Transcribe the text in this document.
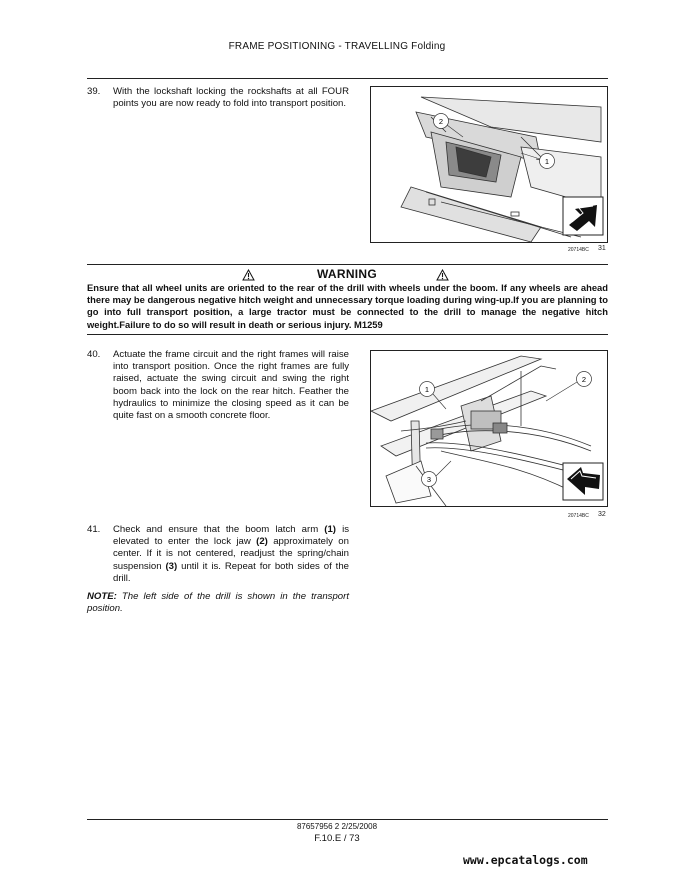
FRAME POSITIONING - TRAVELLING Folding
39. With the lockshaft locking the rockshafts at all FOUR points you are now ready to fold into transport position.
2
1
20714BC 31
WARNING
Ensure that all wheel units are oriented to the rear of the drill with wheels under the boom. If any wheels are ahead there may be dangerous negative hitch weight and unnecessary torque loading during wing-up.If you are planning to go into full transport position, a large tractor must be connected to the drill to manage the negative hitch weight.Failure to do so will result in death or serious injury. M1259
40. Actuate the frame circuit and the right frames will raise into transport position. Once the right frames are fully raised, actuate the swing circuit and swing the right boom back into the lock on the rear hitch. Feather the hydraulics to minimize the closing speed as it can be quite fast on a smooth concrete floor.
1
2
3
20714BC 32
41. Check and ensure that the boom latch arm (1) is elevated to enter the lock jaw (2) approximately on center. If it is not centered, readjust the spring/chain suspension (3) until it is. Repeat for both sides of the drill.
NOTE: The left side of the drill is shown in the transport position.
87657956 2 2/25/2008
F.10.E / 73
www.epcatalogs.com
